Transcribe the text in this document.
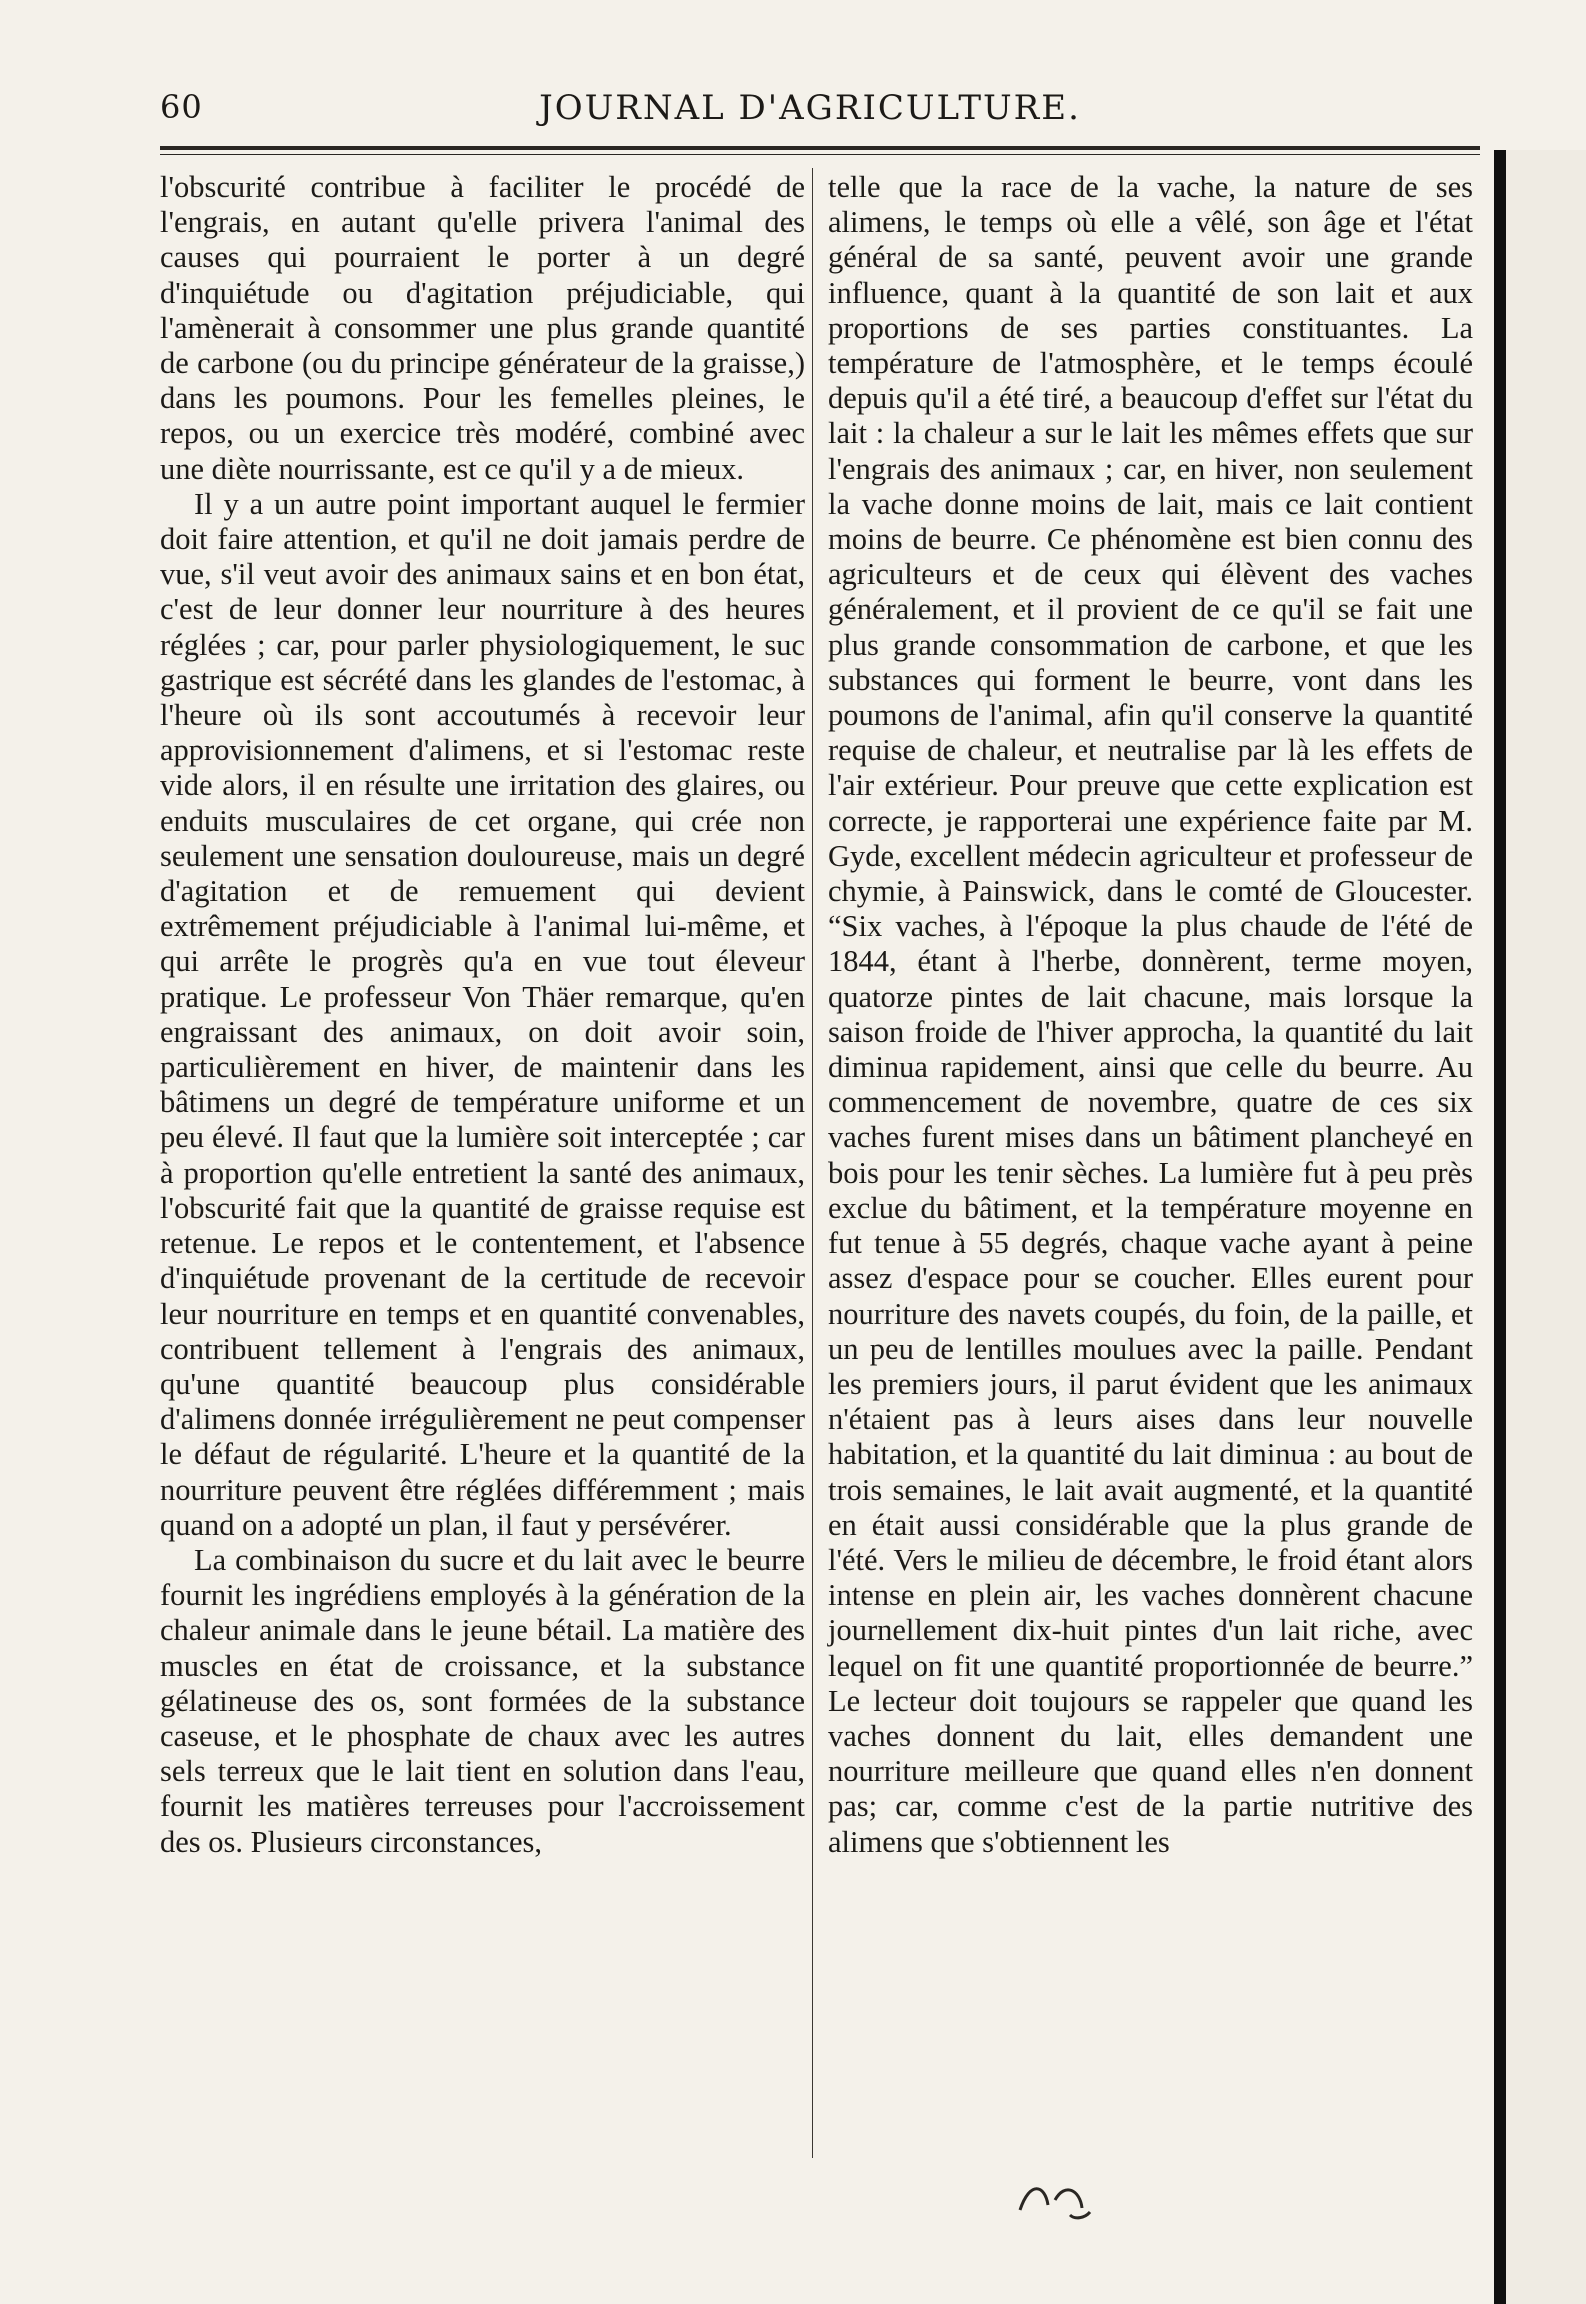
60	JOURNAL D'AGRICULTURE.

l'obscurité contribue à faciliter le procédé de l'engrais, en autant qu'elle privera l'animal des causes qui pourraient le porter à un degré d'inquiétude ou d'agitation préjudiciable, qui l'amènerait à consommer une plus grande quantité de carbone (ou du principe générateur de la graisse,) dans les poumons. Pour les femelles pleines, le repos, ou un exercice très modéré, combiné avec une diète nourrissante, est ce qu'il y a de mieux.

Il y a un autre point important auquel le fermier doit faire attention, et qu'il ne doit jamais perdre de vue, s'il veut avoir des animaux sains et en bon état, c'est de leur donner leur nourriture à des heures réglées ; car, pour parler physiologiquement, le suc gastrique est sécrété dans les glandes de l'estomac, à l'heure où ils sont accoutumés à recevoir leur approvisionnement d'alimens, et si l'estomac reste vide alors, il en résulte une irritation des glaires, ou enduits musculaires de cet organe, qui crée non seulement une sensation douloureuse, mais un degré d'agitation et de remuement qui devient extrêmement préjudiciable à l'animal lui-même, et qui arrête le progrès qu'a en vue tout éleveur pratique. Le professeur Von Thäer remarque, qu'en engraissant des animaux, on doit avoir soin, particulièrement en hiver, de maintenir dans les bâtimens un degré de température uniforme et un peu élevé. Il faut que la lumière soit interceptée ; car à proportion qu'elle entretient la santé des animaux, l'obscurité fait que la quantité de graisse requise est retenue. Le repos et le contentement, et l'absence d'inquiétude provenant de la certitude de recevoir leur nourriture en temps et en quantité convenables, contribuent tellement à l'engrais des animaux, qu'une quantité beaucoup plus considérable d'alimens donnée irrégulièrement ne peut compenser le défaut de régularité. L'heure et la quantité de la nourriture peuvent être réglées différemment ; mais quand on a adopté un plan, il faut y persévérer.

La combinaison du sucre et du lait avec le beurre fournit les ingrédiens employés à la génération de la chaleur animale dans le jeune bétail. La matière des muscles en état de croissance, et la substance gélatineuse des os, sont formées de la substance caseuse, et le phosphate de chaux avec les autres sels terreux que le lait tient en solution dans l'eau, fournit les matières terreuses pour l'accroissement des os. Plusieurs circonstances,

telle que la race de la vache, la nature de ses alimens, le temps où elle a vêlé, son âge et l'état général de sa santé, peuvent avoir une grande influence, quant à la quantité de son lait et aux proportions de ses parties constituantes. La température de l'atmosphère, et le temps écoulé depuis qu'il a été tiré, a beaucoup d'effet sur l'état du lait : la chaleur a sur le lait les mêmes effets que sur l'engrais des animaux ; car, en hiver, non seulement la vache donne moins de lait, mais ce lait contient moins de beurre. Ce phénomène est bien connu des agriculteurs et de ceux qui élèvent des vaches généralement, et il provient de ce qu'il se fait une plus grande consommation de carbone, et que les substances qui forment le beurre, vont dans les poumons de l'animal, afin qu'il conserve la quantité requise de chaleur, et neutralise par là les effets de l'air extérieur. Pour preuve que cette explication est correcte, je rapporterai une expérience faite par M. Gyde, excellent médecin agriculteur et professeur de chymie, à Painswick, dans le comté de Gloucester. “Six vaches, à l'époque la plus chaude de l'été de 1844, étant à l'herbe, donnèrent, terme moyen, quatorze pintes de lait chacune, mais lorsque la saison froide de l'hiver approcha, la quantité du lait diminua rapidement, ainsi que celle du beurre. Au commencement de novembre, quatre de ces six vaches furent mises dans un bâtiment plancheyé en bois pour les tenir sèches. La lumière fut à peu près exclue du bâtiment, et la température moyenne en fut tenue à 55 degrés, chaque vache ayant à peine assez d'espace pour se coucher. Elles eurent pour nourriture des navets coupés, du foin, de la paille, et un peu de lentilles moulues avec la paille. Pendant les premiers jours, il parut évident que les animaux n'étaient pas à leurs aises dans leur nouvelle habitation, et la quantité du lait diminua : au bout de trois semaines, le lait avait augmenté, et la quantité en était aussi considérable que la plus grande de l'été. Vers le milieu de décembre, le froid étant alors intense en plein air, les vaches donnèrent chacune journellement dix-huit pintes d'un lait riche, avec lequel on fit une quantité proportionnée de beurre.” Le lecteur doit toujours se rappeler que quand les vaches donnent du lait, elles demandent une nourriture meilleure que quand elles n'en donnent pas; car, comme c'est de la partie nutritive des alimens que s'obtiennent les
